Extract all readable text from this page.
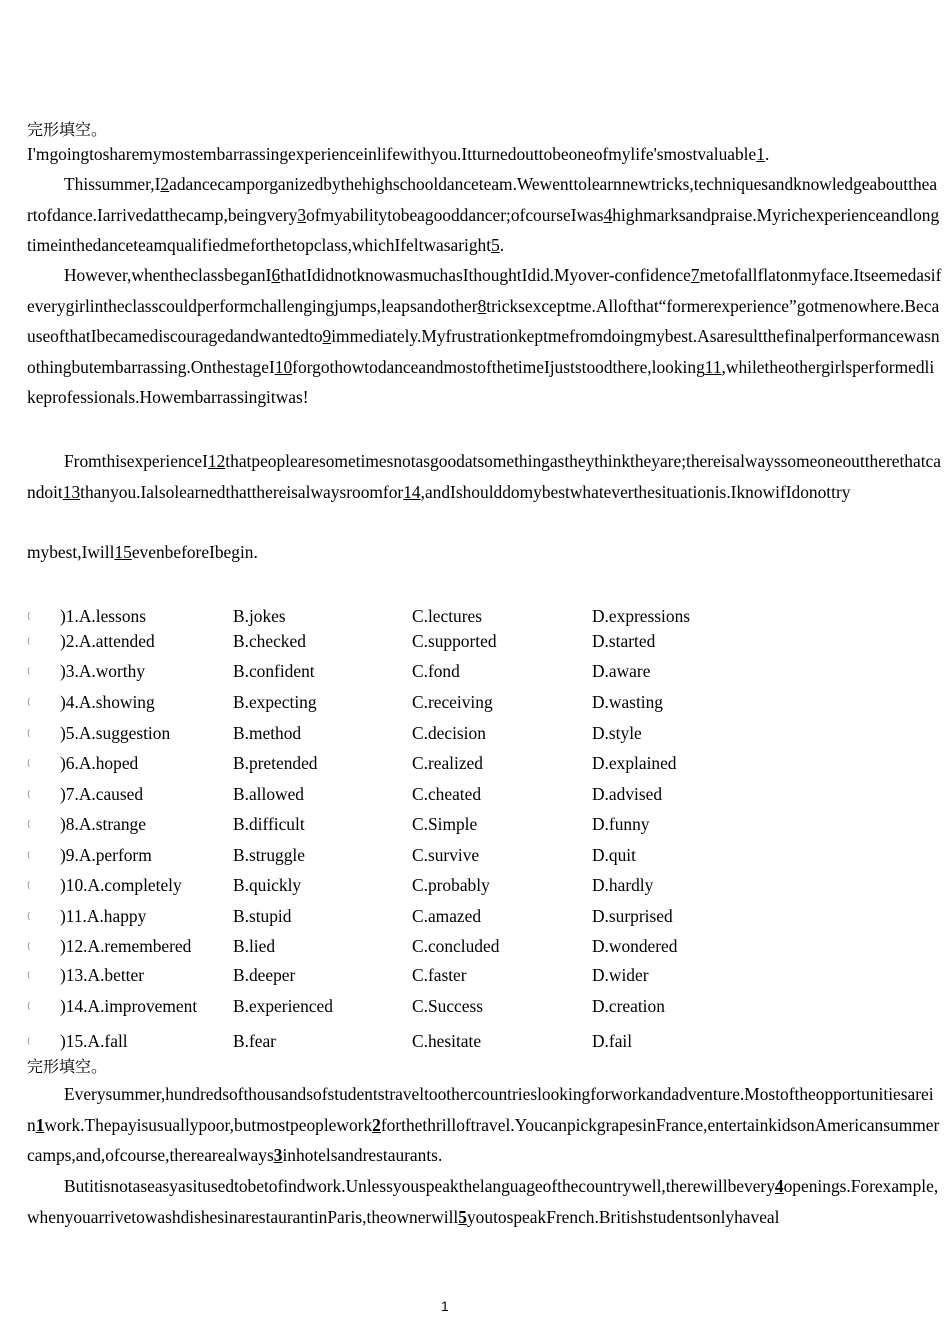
完形填空。
I'mgoingtosharemymostembarrassingexperienceinlifewithyou.Itturnedouttobeoneofmylife'smostvaluable1.
Thissummer,I2adancecamporganizedbythehighschooldanceteam.Wewenttolearnnewtricks,techniquesandknowledgeabouttheartofdance.Iarrivedatthecamp,beingvery3ofmyabilitytobeagooddancer;ofcourseIwas4highmarksandpraise.Myrichexperienceandlongtimeinthedanceteamqualifiedmeforthetopclass,whichIfeltwasaright5.
However,whentheclassbeganI6thatIdidnotknowasmuchasIthoughtIdid.Myover-confidence7metofallflatonmyface.Itseemedasifeverygirlintheclasscouldperformchallengingjumps,leapsandother8tricksexceptme.Allofthat“formerexperience”gotmenowhere.BecauseofthatIbecamediscouragedandwantedto9immediately.Myfrustrationkeptmefromdoingmybest.Asaresultthefinalperformancewasnothingbutembarrassing.OnthestageI10forgothowtodanceandmostofthetimeIjuststoodthere,looking11,whiletheothergirlsperformedlikeprofessionals.Howembarrassingitwas!
FromthisexperienceI12thatpeoplearesometimesnotasgoodatsomethingastheythinktheyare;thereisalwayssomeoneouttherethatcandoit13thanyou.Ialsolearnedthatthereisalwaysroomfor14,andIshoulddomybestwhateverthesituationis.IknowifIdonottry
mybest,Iwill15evenbeforeIbegin.
( )1.A.lessons	B.jokes	C.lectures	D.expressions
( )2.A.attended	B.checked	C.supported	D.started
( )3.A.worthy	B.confident	C.fond	D.aware
( )4.A.showing	B.expecting	C.receiving	D.wasting
( )5.A.suggestion	B.method	C.decision	D.style
( )6.A.hoped	B.pretended	C.realized	D.explained
( )7.A.caused	B.allowed	C.cheated	D.advised
( )8.A.strange	B.difficult	C.Simple	D.funny
( )9.A.perform	B.struggle	C.survive	D.quit
( )10.A.completely	B.quickly	C.probably	D.hardly
( )11.A.happy	B.stupid	C.amazed	D.surprised
( )12.A.remembered B.lied	C.concluded	D.wondered
( )13.A.better	B.deeper	C.faster	D.wider
( )14.A.improvement B.experienced	C.Success	D.creation
( )15.A.fall	B.fear	C.hesitate	D.fail
完形填空。
Everysummer,hundredsofthousandsofstudentstraveltoothercountrieslookingforworkandadventure.Mostoftheopportunitiesarein1work.Thepayisusuallypoor,butmostpeoplework2forthethrilloftravel.YoucanpickgrapesinFrance,entertainkidsonAmericansummercamps,and,ofcourse,therearealways3inhotelsandrestaurants.
Butitisnotaseasyasitusedtobetofindwork.Unlessyouspeakthelanguageofthecountrywell,therewillbevery4openings.Forexample,whenyouarrivetowashdishesinarestaurantinParis,theownerwill5youtospeakFrench.Britishstudentsonlyhaveal
1
